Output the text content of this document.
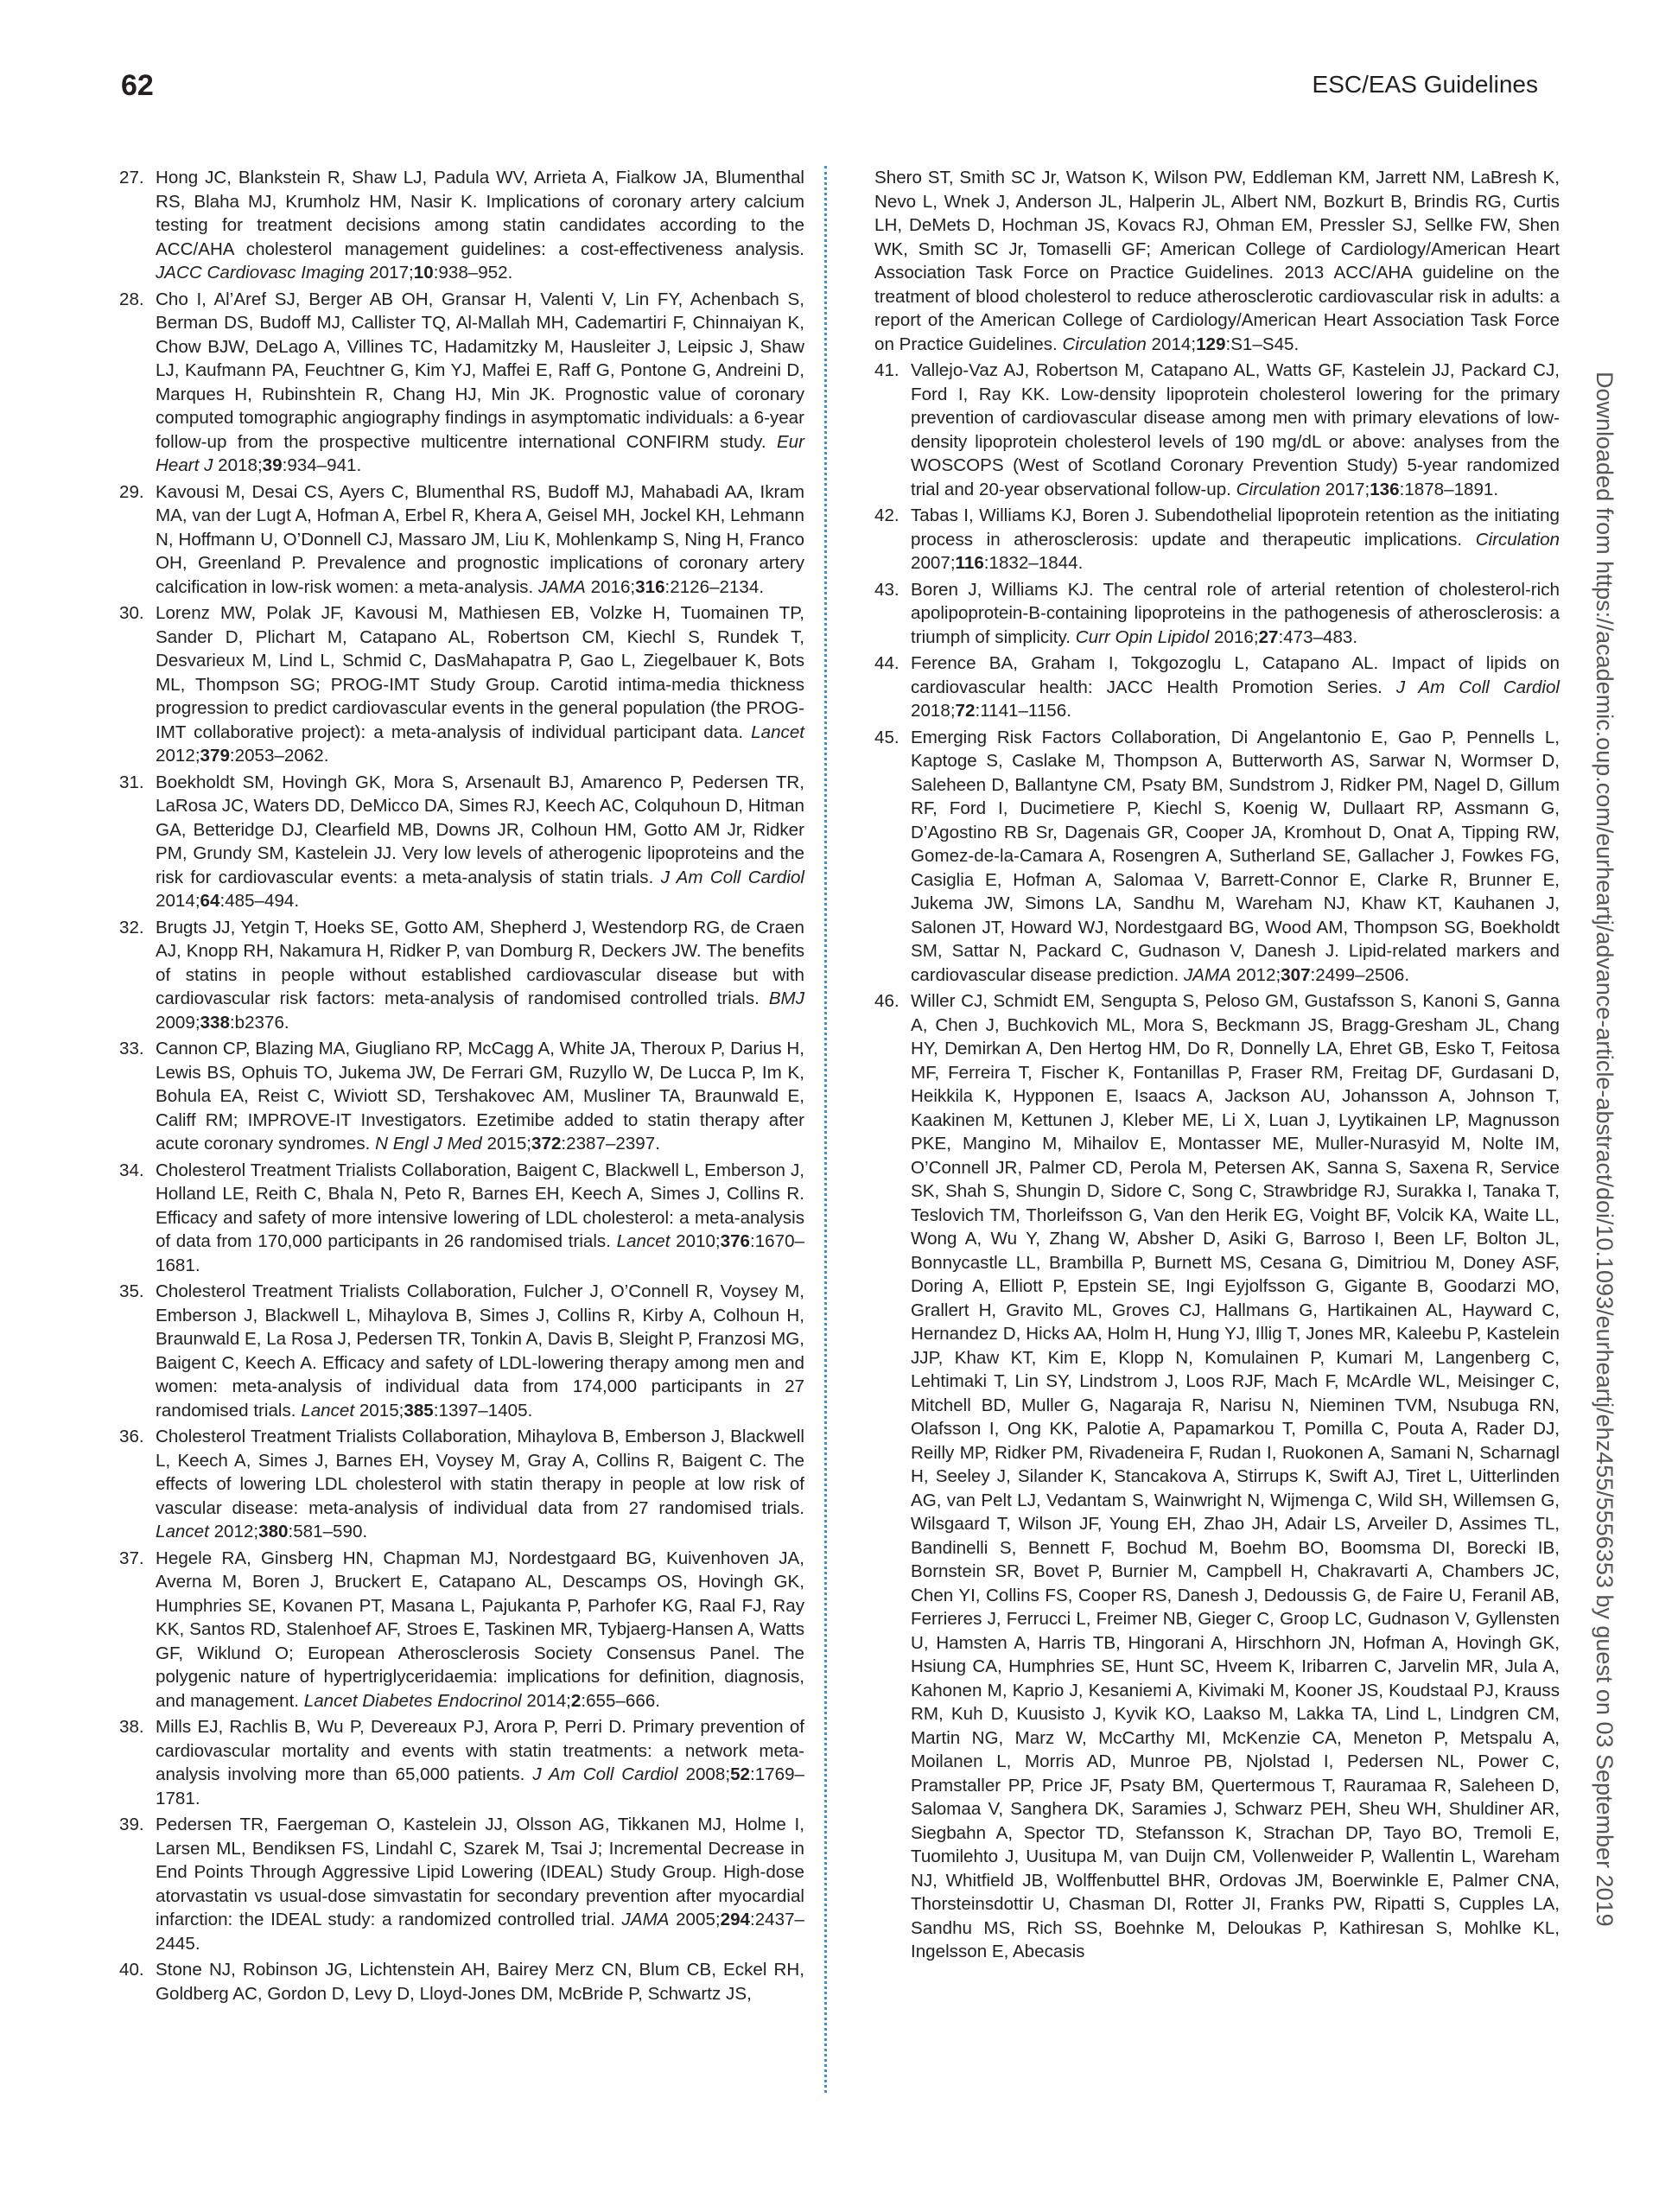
62	ESC/EAS Guidelines

27. Hong JC, Blankstein R, Shaw LJ, Padula WV, Arrieta A, Fialkow JA, Blumenthal RS, Blaha MJ, Krumholz HM, Nasir K. Implications of coronary artery calcium testing for treatment decisions among statin candidates according to the ACC/AHA cholesterol management guidelines: a cost-effectiveness analysis. JACC Cardiovasc Imaging 2017;10:938–952.

28. Cho I, Al’Aref SJ, Berger AB OH, Gransar H, Valenti V, Lin FY, Achenbach S, Berman DS, Budoff MJ, Callister TQ, Al-Mallah MH, Cademartiri F, Chinnaiyan K, Chow BJW, DeLago A, Villines TC, Hadamitzky M, Hausleiter J, Leipsic J, Shaw LJ, Kaufmann PA, Feuchtner G, Kim YJ, Maffei E, Raff G, Pontone G, Andreini D, Marques H, Rubinshtein R, Chang HJ, Min JK. Prognostic value of coronary computed tomographic angiography findings in asymptomatic individuals: a 6-year follow-up from the prospective multicentre international CONFIRM study. Eur Heart J 2018;39:934–941.

29. Kavousi M, Desai CS, Ayers C, Blumenthal RS, Budoff MJ, Mahabadi AA, Ikram MA, van der Lugt A, Hofman A, Erbel R, Khera A, Geisel MH, Jockel KH, Lehmann N, Hoffmann U, O’Donnell CJ, Massaro JM, Liu K, Mohlenkamp S, Ning H, Franco OH, Greenland P. Prevalence and prognostic implications of coronary artery calcification in low-risk women: a meta-analysis. JAMA 2016;316:2126–2134.

30. Lorenz MW, Polak JF, Kavousi M, Mathiesen EB, Volzke H, Tuomainen TP, Sander D, Plichart M, Catapano AL, Robertson CM, Kiechl S, Rundek T, Desvarieux M, Lind L, Schmid C, DasMahapatra P, Gao L, Ziegelbauer K, Bots ML, Thompson SG; PROG-IMT Study Group. Carotid intima-media thickness progression to predict cardiovascular events in the general population (the PROG-IMT collaborative project): a meta-analysis of individual participant data. Lancet 2012;379:2053–2062.

31. Boekholdt SM, Hovingh GK, Mora S, Arsenault BJ, Amarenco P, Pedersen TR, LaRosa JC, Waters DD, DeMicco DA, Simes RJ, Keech AC, Colquhoun D, Hitman GA, Betteridge DJ, Clearfield MB, Downs JR, Colhoun HM, Gotto AM Jr, Ridker PM, Grundy SM, Kastelein JJ. Very low levels of atherogenic lipoproteins and the risk for cardiovascular events: a meta-analysis of statin trials. J Am Coll Cardiol 2014;64:485–494.

32. Brugts JJ, Yetgin T, Hoeks SE, Gotto AM, Shepherd J, Westendorp RG, de Craen AJ, Knopp RH, Nakamura H, Ridker P, van Domburg R, Deckers JW. The benefits of statins in people without established cardiovascular disease but with cardiovascular risk factors: meta-analysis of randomised controlled trials. BMJ 2009;338:b2376.

33. Cannon CP, Blazing MA, Giugliano RP, McCagg A, White JA, Theroux P, Darius H, Lewis BS, Ophuis TO, Jukema JW, De Ferrari GM, Ruzyllo W, De Lucca P, Im K, Bohula EA, Reist C, Wiviott SD, Tershakovec AM, Musliner TA, Braunwald E, Califf RM; IMPROVE-IT Investigators. Ezetimibe added to statin therapy after acute coronary syndromes. N Engl J Med 2015;372:2387–2397.

34. Cholesterol Treatment Trialists Collaboration, Baigent C, Blackwell L, Emberson J, Holland LE, Reith C, Bhala N, Peto R, Barnes EH, Keech A, Simes J, Collins R. Efficacy and safety of more intensive lowering of LDL cholesterol: a meta-analysis of data from 170,000 participants in 26 randomised trials. Lancet 2010;376:1670–1681.

35. Cholesterol Treatment Trialists Collaboration, Fulcher J, O’Connell R, Voysey M, Emberson J, Blackwell L, Mihaylova B, Simes J, Collins R, Kirby A, Colhoun H, Braunwald E, La Rosa J, Pedersen TR, Tonkin A, Davis B, Sleight P, Franzosi MG, Baigent C, Keech A. Efficacy and safety of LDL-lowering therapy among men and women: meta-analysis of individual data from 174,000 participants in 27 randomised trials. Lancet 2015;385:1397–1405.

36. Cholesterol Treatment Trialists Collaboration, Mihaylova B, Emberson J, Blackwell L, Keech A, Simes J, Barnes EH, Voysey M, Gray A, Collins R, Baigent C. The effects of lowering LDL cholesterol with statin therapy in people at low risk of vascular disease: meta-analysis of individual data from 27 randomised trials. Lancet 2012;380:581–590.

37. Hegele RA, Ginsberg HN, Chapman MJ, Nordestgaard BG, Kuivenhoven JA, Averna M, Boren J, Bruckert E, Catapano AL, Descamps OS, Hovingh GK, Humphries SE, Kovanen PT, Masana L, Pajukanta P, Parhofer KG, Raal FJ, Ray KK, Santos RD, Stalenhoef AF, Stroes E, Taskinen MR, Tybjaerg-Hansen A, Watts GF, Wiklund O; European Atherosclerosis Society Consensus Panel. The polygenic nature of hypertriglyceridaemia: implications for definition, diagnosis, and management. Lancet Diabetes Endocrinol 2014;2:655–666.

38. Mills EJ, Rachlis B, Wu P, Devereaux PJ, Arora P, Perri D. Primary prevention of cardiovascular mortality and events with statin treatments: a network meta-analysis involving more than 65,000 patients. J Am Coll Cardiol 2008;52:1769–1781.

39. Pedersen TR, Faergeman O, Kastelein JJ, Olsson AG, Tikkanen MJ, Holme I, Larsen ML, Bendiksen FS, Lindahl C, Szarek M, Tsai J; Incremental Decrease in End Points Through Aggressive Lipid Lowering (IDEAL) Study Group. High-dose atorvastatin vs usual-dose simvastatin for secondary prevention after myocardial infarction: the IDEAL study: a randomized controlled trial. JAMA 2005;294:2437–2445.

40. Stone NJ, Robinson JG, Lichtenstein AH, Bairey Merz CN, Blum CB, Eckel RH, Goldberg AC, Gordon D, Levy D, Lloyd-Jones DM, McBride P, Schwartz JS,

Shero ST, Smith SC Jr, Watson K, Wilson PW, Eddleman KM, Jarrett NM, LaBresh K, Nevo L, Wnek J, Anderson JL, Halperin JL, Albert NM, Bozkurt B, Brindis RG, Curtis LH, DeMets D, Hochman JS, Kovacs RJ, Ohman EM, Pressler SJ, Sellke FW, Shen WK, Smith SC Jr, Tomaselli GF; American College of Cardiology/American Heart Association Task Force on Practice Guidelines. 2013 ACC/AHA guideline on the treatment of blood cholesterol to reduce atherosclerotic cardiovascular risk in adults: a report of the American College of Cardiology/American Heart Association Task Force on Practice Guidelines. Circulation 2014;129:S1–S45.

41. Vallejo-Vaz AJ, Robertson M, Catapano AL, Watts GF, Kastelein JJ, Packard CJ, Ford I, Ray KK. Low-density lipoprotein cholesterol lowering for the primary prevention of cardiovascular disease among men with primary elevations of low-density lipoprotein cholesterol levels of 190 mg/dL or above: analyses from the WOSCOPS (West of Scotland Coronary Prevention Study) 5-year randomized trial and 20-year observational follow-up. Circulation 2017;136:1878–1891.

42. Tabas I, Williams KJ, Boren J. Subendothelial lipoprotein retention as the initiating process in atherosclerosis: update and therapeutic implications. Circulation 2007;116:1832–1844.

43. Boren J, Williams KJ. The central role of arterial retention of cholesterol-rich apolipoprotein-B-containing lipoproteins in the pathogenesis of atherosclerosis: a triumph of simplicity. Curr Opin Lipidol 2016;27:473–483.

44. Ference BA, Graham I, Tokgozoglu L, Catapano AL. Impact of lipids on cardiovascular health: JACC Health Promotion Series. J Am Coll Cardiol 2018;72:1141–1156.

45. Emerging Risk Factors Collaboration, Di Angelantonio E, Gao P, Pennells L, Kaptoge S, Caslake M, Thompson A, Butterworth AS, Sarwar N, Wormser D, Saleheen D, Ballantyne CM, Psaty BM, Sundstrom J, Ridker PM, Nagel D, Gillum RF, Ford I, Ducimetiere P, Kiechl S, Koenig W, Dullaart RP, Assmann G, D’Agostino RB Sr, Dagenais GR, Cooper JA, Kromhout D, Onat A, Tipping RW, Gomez-de-la-Camara A, Rosengren A, Sutherland SE, Gallacher J, Fowkes FG, Casiglia E, Hofman A, Salomaa V, Barrett-Connor E, Clarke R, Brunner E, Jukema JW, Simons LA, Sandhu M, Wareham NJ, Khaw KT, Kauhanen J, Salonen JT, Howard WJ, Nordestgaard BG, Wood AM, Thompson SG, Boekholdt SM, Sattar N, Packard C, Gudnason V, Danesh J. Lipid-related markers and cardiovascular disease prediction. JAMA 2012;307:2499–2506.

46. Willer CJ, Schmidt EM, Sengupta S, Peloso GM, Gustafsson S, Kanoni S, Ganna A, Chen J, Buchkovich ML, Mora S, Beckmann JS, Bragg-Gresham JL, Chang HY, Demirkan A, Den Hertog HM, Do R, Donnelly LA, Ehret GB, Esko T, Feitosa MF, Ferreira T, Fischer K, Fontanillas P, Fraser RM, Freitag DF, Gurdasani D, Heikkila K, Hypponen E, Isaacs A, Jackson AU, Johansson A, Johnson T, Kaakinen M, Kettunen J, Kleber ME, Li X, Luan J, Lyytikainen LP, Magnusson PKE, Mangino M, Mihailov E, Montasser ME, Muller-Nurasyid M, Nolte IM, O’Connell JR, Palmer CD, Perola M, Petersen AK, Sanna S, Saxena R, Service SK, Shah S, Shungin D, Sidore C, Song C, Strawbridge RJ, Surakka I, Tanaka T, Teslovich TM, Thorleifsson G, Van den Herik EG, Voight BF, Volcik KA, Waite LL, Wong A, Wu Y, Zhang W, Absher D, Asiki G, Barroso I, Been LF, Bolton JL, Bonnycastle LL, Brambilla P, Burnett MS, Cesana G, Dimitriou M, Doney ASF, Doring A, Elliott P, Epstein SE, Ingi Eyjolfsson G, Gigante B, Goodarzi MO, Grallert H, Gravito ML, Groves CJ, Hallmans G, Hartikainen AL, Hayward C, Hernandez D, Hicks AA, Holm H, Hung YJ, Illig T, Jones MR, Kaleebu P, Kastelein JJP, Khaw KT, Kim E, Klopp N, Komulainen P, Kumari M, Langenberg C, Lehtimaki T, Lin SY, Lindstrom J, Loos RJF, Mach F, McArdle WL, Meisinger C, Mitchell BD, Muller G, Nagaraja R, Narisu N, Nieminen TVM, Nsubuga RN, Olafsson I, Ong KK, Palotie A, Papamarkou T, Pomilla C, Pouta A, Rader DJ, Reilly MP, Ridker PM, Rivadeneira F, Rudan I, Ruokonen A, Samani N, Scharnagl H, Seeley J, Silander K, Stancakova A, Stirrups K, Swift AJ, Tiret L, Uitterlinden AG, van Pelt LJ, Vedantam S, Wainwright N, Wijmenga C, Wild SH, Willemsen G, Wilsgaard T, Wilson JF, Young EH, Zhao JH, Adair LS, Arveiler D, Assimes TL, Bandinelli S, Bennett F, Bochud M, Boehm BO, Boomsma DI, Borecki IB, Bornstein SR, Bovet P, Burnier M, Campbell H, Chakravarti A, Chambers JC, Chen YI, Collins FS, Cooper RS, Danesh J, Dedoussis G, de Faire U, Feranil AB, Ferrieres J, Ferrucci L, Freimer NB, Gieger C, Groop LC, Gudnason V, Gyllensten U, Hamsten A, Harris TB, Hingorani A, Hirschhorn JN, Hofman A, Hovingh GK, Hsiung CA, Humphries SE, Hunt SC, Hveem K, Iribarren C, Jarvelin MR, Jula A, Kahonen M, Kaprio J, Kesaniemi A, Kivimaki M, Kooner JS, Koudstaal PJ, Krauss RM, Kuh D, Kuusisto J, Kyvik KO, Laakso M, Lakka TA, Lind L, Lindgren CM, Martin NG, Marz W, McCarthy MI, McKenzie CA, Meneton P, Metspalu A, Moilanen L, Morris AD, Munroe PB, Njolstad I, Pedersen NL, Power C, Pramstaller PP, Price JF, Psaty BM, Quertermous T, Rauramaa R, Saleheen D, Salomaa V, Sanghera DK, Saramies J, Schwarz PEH, Sheu WH, Shuldiner AR, Siegbahn A, Spector TD, Stefansson K, Strachan DP, Tayo BO, Tremoli E, Tuomilehto J, Uusitupa M, van Duijn CM, Vollenweider P, Wallentin L, Wareham NJ, Whitfield JB, Wolffenbuttel BHR, Ordovas JM, Boerwinkle E, Palmer CNA, Thorsteinsdottir U, Chasman DI, Rotter JI, Franks PW, Ripatti S, Cupples LA, Sandhu MS, Rich SS, Boehnke M, Deloukas P, Kathiresan S, Mohlke KL, Ingelsson E, Abecasis

Downloaded from https://academic.oup.com/eurheartj/advance-article-abstract/doi/10.1093/eurheartj/ehz455/5556353 by guest on 03 September 2019
